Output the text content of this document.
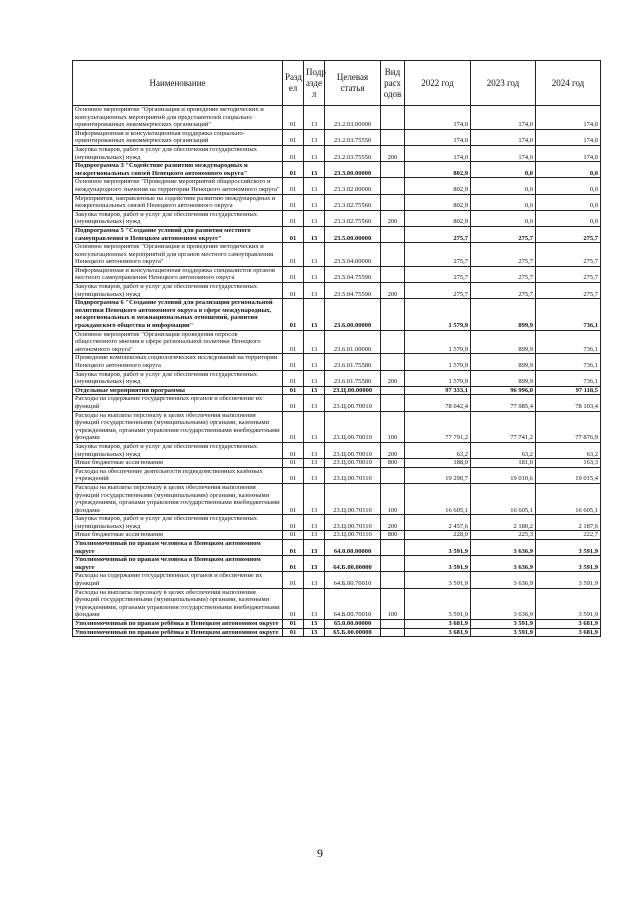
Наименование	Разд ел	Подр азде л	Целевая статья	Вид расх одов	2022 год	2023 год	2024 год
Основное мероприятие "Организация и проведение методических и консультационных мероприятий для представителей социально ориентированных некоммерческих организаций"	01	13	23.2.03.00000		174,0	174,0	174,0
Информационная и консультационная поддержка социально-ориентированных некоммерческих организаций	01	13	23.2.03.75550		174,0	174,0	174,0
Закупка товаров, работ и услуг для обеспечения государственных (муниципальных) нужд	01	13	23.2.03.75550	200	174,0	174,0	174,0
Подпрограмма 3 "Содействие развитию международных и межрегиональных связей Ненецкого автономного округа"	01	13	23.3.00.00000		802,9	0,0	0,0
Основное мероприятие "Проведение мероприятий общероссийского и международного значения на территории Ненецкого автономного округа"	01	13	23.3.02.00000		802,9	0,0	0,0
Мероприятия, направленные на содействие развитию международных и межрегиональных связей Ненецкого автономного округа	01	13	23.3.02.75560		802,9	0,0	0,0
Закупка товаров, работ и услуг для обеспечения государственных (муниципальных) нужд	01	13	23.3.02.75560	200	802,9	0,0	0,0
Подпрограмма 5 "Создание условий для развития местного самоуправления в Ненецком автономном округе"	01	13	23.5.00.00000		275,7	275,7	275,7
Основное мероприятие "Организация и проведение методических и консультационных мероприятий для органов местного самоуправления Ненецкого автономного округа"	01	13	23.5.04.00000		275,7	275,7	275,7
Информационная и консультационная поддержка специалистов органов местного самоуправления Ненецкого автономного округа	01	13	23.5.04.75590		275,7	275,7	275,7
Закупка товаров, работ и услуг для обеспечения государственных (муниципальных) нужд	01	13	23.5.04.75590	200	275,7	275,7	275,7
Подпрограмма 6 "Создание условий для реализации региональной политики Ненецкого автономного округа в сфере международных, межрегиональных и межнациональных отношений, развития гражданского общества и информации"	01	13	23.6.00.00000		1 579,9	899,9	736,1
Основное мероприятие "Организация проведения опросов общественного мнения в сфере региональной политики Ненецкого автономного округа"	01	13	23.6.01.00000		1 579,9	899,9	736,1
Проведение комплексных социологических исследований на территории Ненецкого автономного округа	01	13	23.6.01.75580		1 579,9	899,9	736,1
Закупка товаров, работ и услуг для обеспечения государственных (муниципальных) нужд	01	13	23.6.01.75580	200	1 579,9	899,9	736,1
Отдельные мероприятия программы	01	13	23.Ц.00.00000		97 333,1	96 996,0	97 118,5
Расходы на содержание государственных органов и обеспечение их функций	01	13	23.Ц.00.70010		78 042,4	77 985,4	78 103,4
Расходы на выплаты персоналу в целях обеспечения выполнения функций государственными (муниципальными) органами, казенными учреждениями, органами управления государственными внебюджетными фондами	01	13	23.Ц.00.70010	100	77 791,2	77 741,2	77 876,9
Закупка товаров, работ и услуг для обеспечения государственных (муниципальных) нужд	01	13	23.Ц.00.70010	200	63,2	63,2	63,2
Иные бюджетные ассигнования	01	13	23.Ц.00.70010	800	188,0	181,0	163,3
Расходы на обеспечение деятельности подведомственных казённых учреждений	01	13	23.Ц.00.70110		19 290,7	19 010,6	19 015,4
Расходы на выплаты персоналу в целях обеспечения выполнения функций государственными (муниципальными) органами, казенными учреждениями, органами управления государственными внебюджетными фондами	01	13	23.Ц.00.70110	100	16 605,1	16 605,1	16 605,1
Закупка товаров, работ и услуг для обеспечения государственных (муниципальных) нужд	01	13	23.Ц.00.70110	200	2 457,6	2 180,2	2 187,6
Иные бюджетные ассигнования	01	13	23.Ц.00.70110	800	228,0	225,3	222,7
Уполномоченный по правам человека в Ненецком автономном округе	01	13	64.0.00.00000		3 591,9	3 636,9	3 591,9
Уполномоченный по правам человека в Ненецком автономном округе	01	13	64.Б.00.00000		3 591,9	3 636,9	3 591,9
Расходы на содержание государственных органов и обеспечение их функций	01	13	64.Б.00.70010		3 591,9	3 636,9	3 591,9
Расходы на выплаты персоналу в целях обеспечения выполнения функций государственными (муниципальными) органами, казенными учреждениями, органами управления государственными внебюджетными фондами	01	13	64.Б.00.70010	100	3 591,9	3 636,9	3 591,9
Уполномоченный по правам ребёнка в Ненецком автономном округе	01	13	65.0.00.00000		3 681,9	3 591,9	3 681,9
Уполномоченный по правам ребёнка в Ненецком автономном округе	01	13	65.Б.00.00000		3 681,9	3 591,9	3 681,9
9
